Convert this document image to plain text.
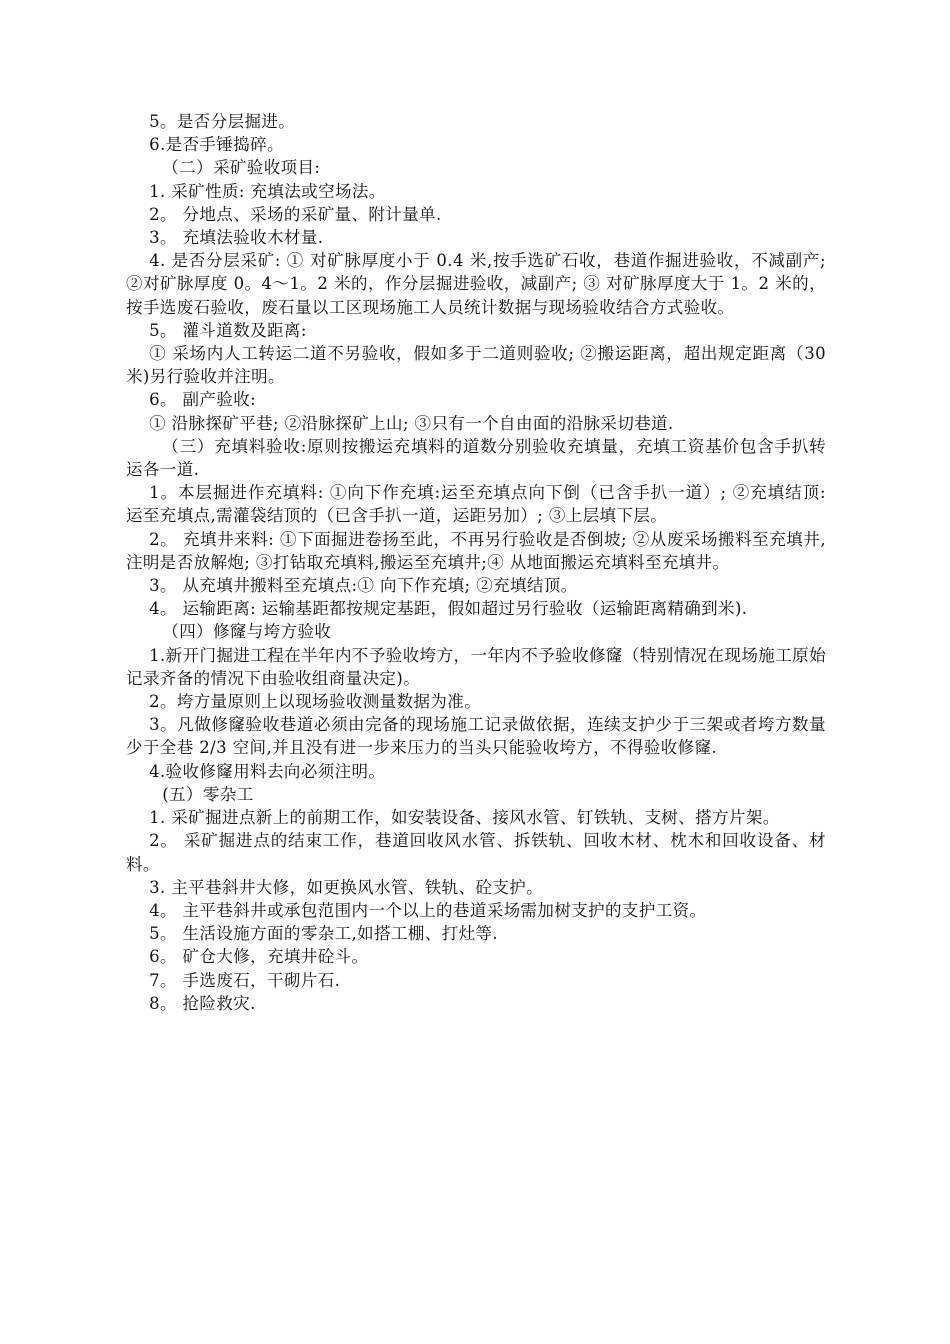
5。是否分层掘进。

6.是否手锤捣碎。

（二）采矿验收项目:

1. 采矿性质: 充填法或空场法。

2。 分地点、采场的采矿量、附计量单.

3。 充填法验收木材量.

4. 是否分层采矿: ① 对矿脉厚度小于 0.4 米,按手选矿石收，巷道作掘进验收，不减副产; ②对矿脉厚度 0。4～1。2 米的，作分层掘进验收，减副产; ③ 对矿脉厚度大于 1。2 米的，按手选废石验收，废石量以工区现场施工人员统计数据与现场验收结合方式验收。

5。 灌斗道数及距离:

① 采场内人工转运二道不另验收，假如多于二道则验收; ②搬运距离，超出规定距离（30 米)另行验收并注明。

6。 副产验收:

① 沿脉探矿平巷; ②沿脉探矿上山; ③只有一个自由面的沿脉采切巷道.

（三）充填料验收:原则按搬运充填料的道数分别验收充填量，充填工资基价包含手扒转运各一道.

1。本层掘进作充填料: ①向下作充填:运至充填点向下倒（已含手扒一道）; ②充填结顶: 运至充填点,需灌袋结顶的（已含手扒一道，运距另加）; ③上层填下层。

2。 充填井来料: ①下面掘进卷扬至此，不再另行验收是否倒坡; ②从废采场搬料至充填井,注明是否放解炮; ③打钻取充填料,搬运至充填井;④ 从地面搬运充填料至充填井。

3。 从充填井搬料至充填点:① 向下作充填; ②充填结顶。

4。 运输距离: 运输基距都按规定基距，假如超过另行验收（运输距离精确到米).

（四）修窿与垮方验收

1.新开门掘进工程在半年内不予验收垮方，一年内不予验收修窿（特别情况在现场施工原始记录齐备的情况下由验收组商量决定)。

2。垮方量原则上以现场验收测量数据为准。

3。凡做修窿验收巷道必须由完备的现场施工记录做依据，连续支护少于三架或者垮方数量少于全巷 2/3 空间,并且没有进一步来压力的当头只能验收垮方，不得验收修窿.

4.验收修窿用料去向必须注明。

(五）零杂工

1. 采矿掘进点新上的前期工作，如安装设备、接风水管、钉铁轨、支树、搭方片架。

2。 采矿掘进点的结束工作，巷道回收风水管、拆铁轨、回收木材、枕木和回收设备、材料。

3. 主平巷斜井大修，如更换风水管、铁轨、砼支护。

4。 主平巷斜井或承包范围内一个以上的巷道采场需加树支护的支护工资。

5。 生活设施方面的零杂工,如搭工棚、打灶等.

6。 矿仓大修，充填井砼斗。

7。 手选废石，干砌片石.

8。 抢险救灾.
